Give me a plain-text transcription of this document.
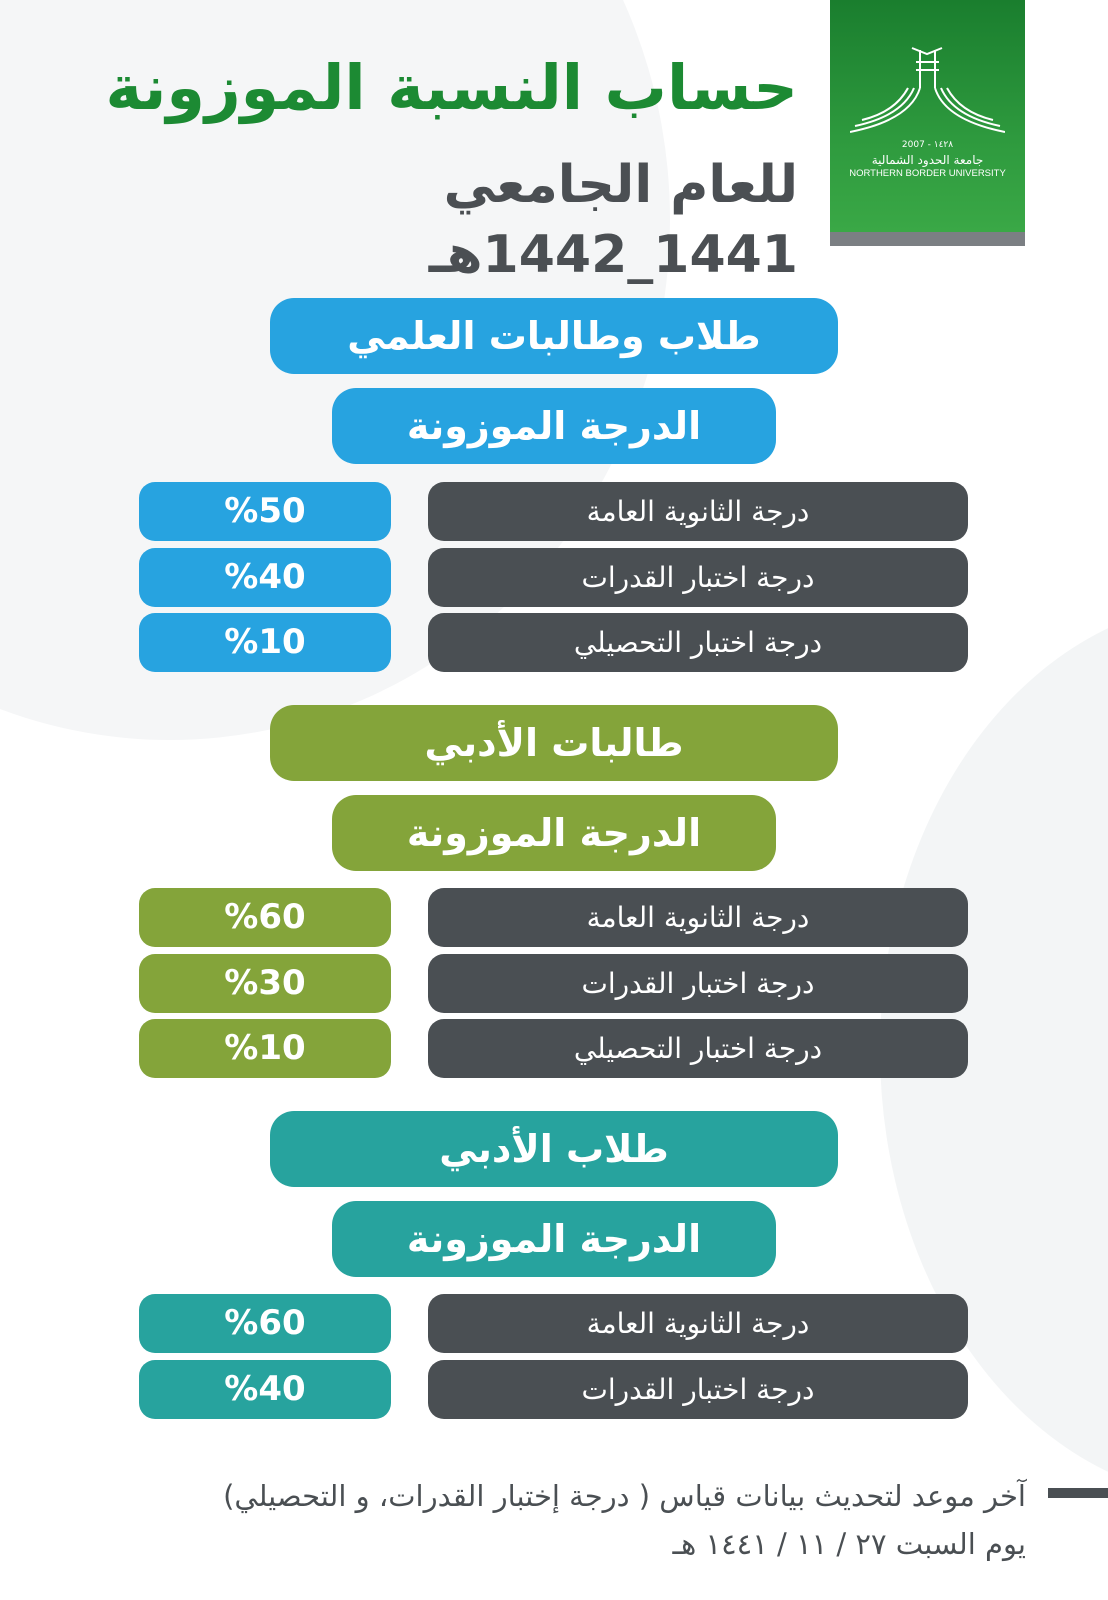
2007 - ١٤٢٨
جامعة الحدود الشمالية
NORTHERN BORDER UNIVERSITY
حساب النسبة الموزونة
للعام الجامعي 1441_1442هـ
طلاب وطالبات العلمي
الدرجة الموزونة
درجة الثانوية العامة
%50
درجة اختبار القدرات
%40
درجة اختبار التحصيلي
%10
طالبات الأدبي
الدرجة الموزونة
درجة الثانوية العامة
%60
درجة اختبار القدرات
%30
درجة اختبار التحصيلي
%10
طلاب الأدبي
الدرجة الموزونة
درجة الثانوية العامة
%60
درجة اختبار القدرات
%40
آخر موعد لتحديث بيانات قياس ( درجة إختبار القدرات، و التحصيلي)
يوم السبت ٢٧ / ١١ / ١٤٤١ هـ
